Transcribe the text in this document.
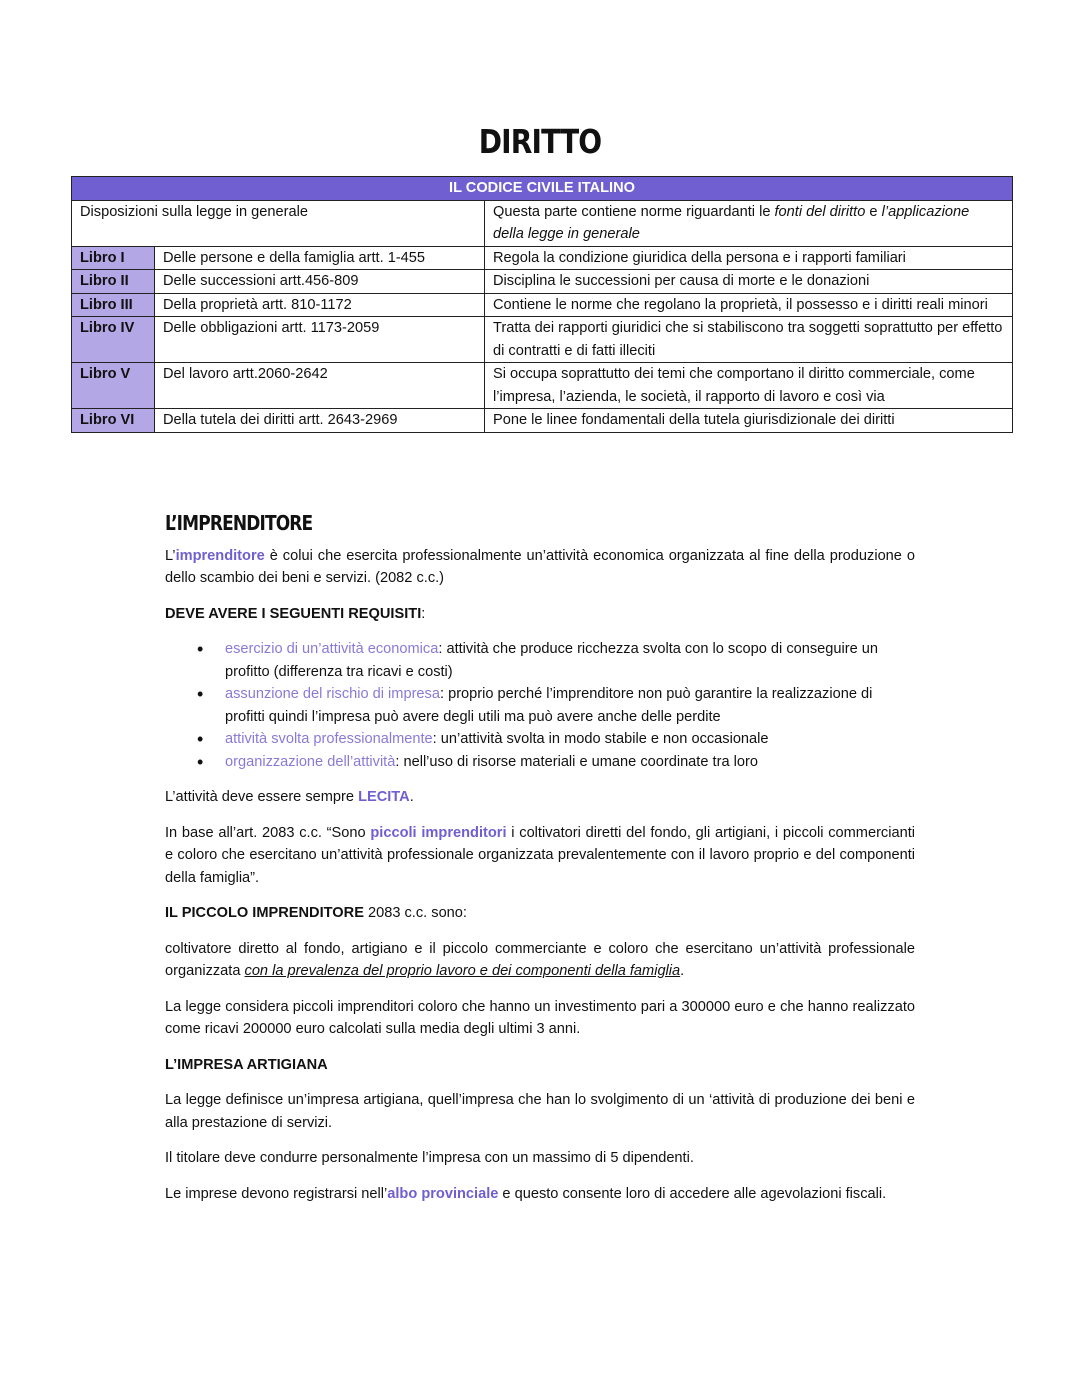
DIRITTO
IL CODICE CIVILE ITALINO		
Disposizioni sulla legge in generale		Questa parte contiene norme riguardanti le fonti del diritto e l’applicazione della legge in generale
Libro I	Delle persone e della famiglia artt. 1-455	Regola la condizione giuridica della persona e i rapporti familiari
Libro II	Delle successioni artt.456-809	Disciplina le successioni per causa di morte e le donazioni
Libro III	Della proprietà artt. 810-1172	Contiene le norme che regolano la proprietà, il possesso e i diritti reali minori
Libro IV	Delle obbligazioni artt. 1173-2059	Tratta dei rapporti giuridici che si stabiliscono tra soggetti soprattutto per effetto di contratti e di fatti illeciti
Libro V	Del lavoro artt.2060-2642	Si occupa soprattutto dei temi che comportano il diritto commerciale, come l’impresa, l’azienda, le società, il rapporto di lavoro e così via
Libro VI	Della tutela dei diritti artt. 2643-2969	Pone le linee fondamentali della tutela giurisdizionale dei diritti
L’IMPRENDITORE

L’imprenditore è colui che esercita professionalmente un’attività economica organizzata al fine della produzione o dello scambio dei beni e servizi. (2082 c.c.)

DEVE AVERE I SEGUENTI REQUISITI:

• esercizio di un’attività economica: attività che produce ricchezza svolta con lo scopo di conseguire un profitto (differenza tra ricavi e costi)
• assunzione del rischio di impresa: proprio perché l’imprenditore non può garantire la realizzazione di profitti quindi l’impresa può avere degli utili ma può avere anche delle perdite
• attività svolta professionalmente: un’attività svolta in modo stabile e non occasionale
• organizzazione dell’attività: nell’uso di risorse materiali e umane coordinate tra loro

L’attività deve essere sempre LECITA.

In base all’art. 2083 c.c. “Sono piccoli imprenditori i coltivatori diretti del fondo, gli artigiani, i piccoli commercianti e coloro che esercitano un’attività professionale organizzata prevalentemente con il lavoro proprio e del componenti della famiglia”.

IL PICCOLO IMPRENDITORE 2083 c.c. sono:

coltivatore diretto al fondo, artigiano e il piccolo commerciante e coloro che esercitano un’attività professionale organizzata con la prevalenza del proprio lavoro e dei componenti della famiglia.

La legge considera piccoli imprenditori coloro che hanno un investimento pari a 300000 euro e che hanno realizzato come ricavi 200000 euro calcolati sulla media degli ultimi 3 anni.

L’IMPRESA ARTIGIANA

La legge definisce un’impresa artigiana, quell’impresa che han lo svolgimento di un ‘attività di produzione dei beni e alla prestazione di servizi.

Il titolare deve condurre personalmente l’impresa con un massimo di 5 dipendenti.

Le imprese devono registrarsi nell’albo provinciale e questo consente loro di accedere alle agevolazioni fiscali.
